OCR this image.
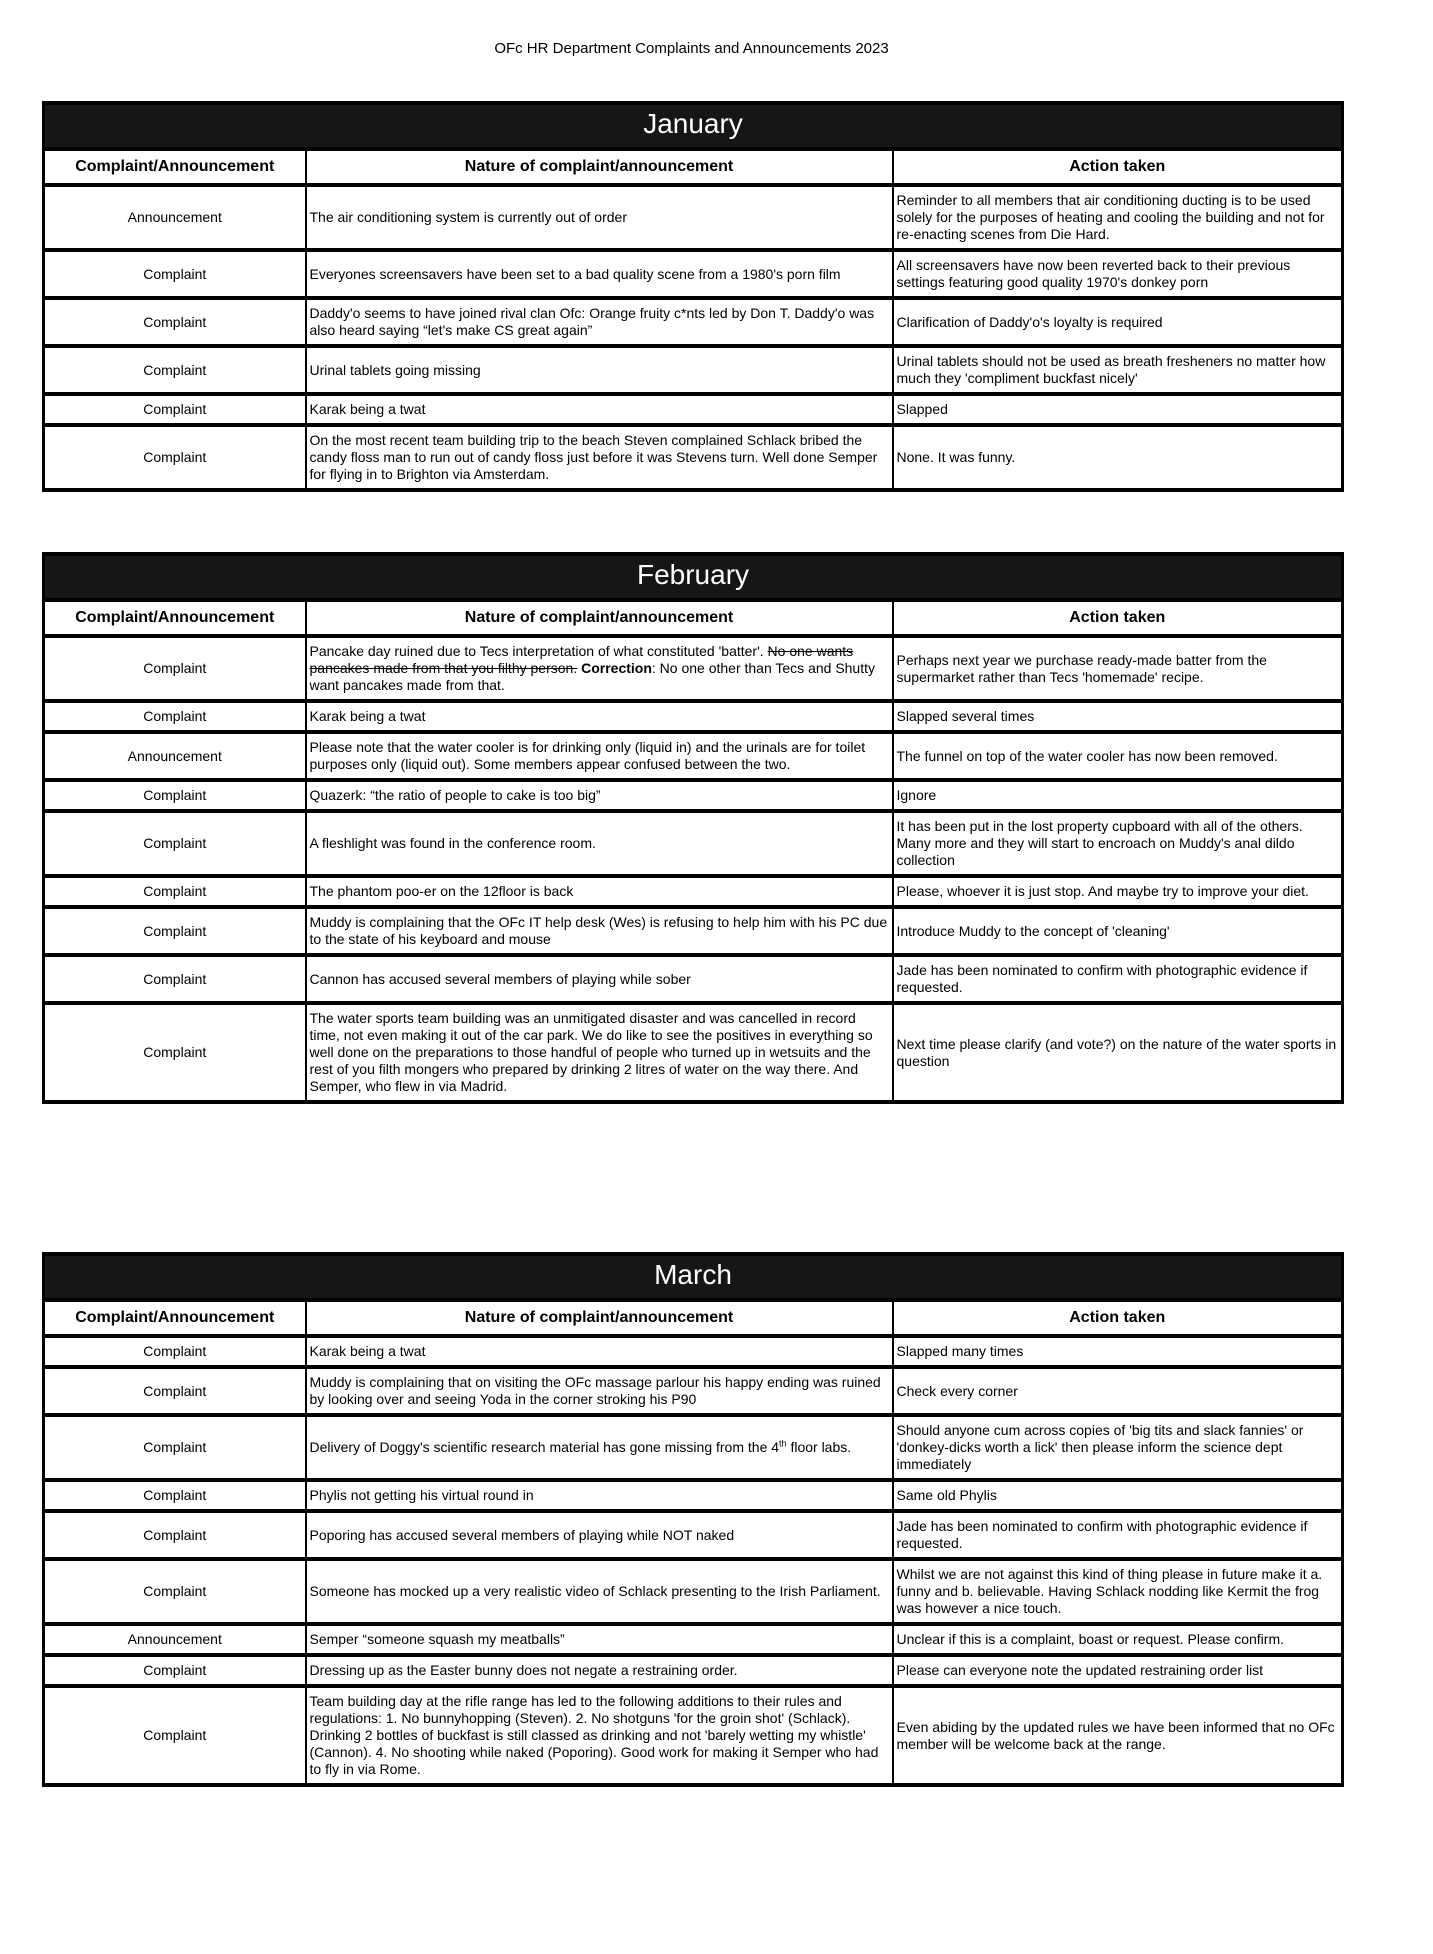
OFc HR Department Complaints and Announcements 2023
January		
Complaint/Announcement	Nature of complaint/announcement	Action taken
Announcement	The air conditioning system is currently out of order	Reminder to all members that air conditioning ducting is to be used solely for the purposes of heating and cooling the building and not for re-enacting scenes from Die Hard.
Complaint	Everyones screensavers have been set to a bad quality scene from a 1980's porn film	All screensavers have now been reverted back to their previous settings featuring good quality 1970's donkey porn
Complaint	Daddy'o seems to have joined rival clan Ofc: Orange fruity c*nts led by Don T. Daddy'o was also heard saying “let's make CS great again”	Clarification of Daddy'o's loyalty is required
Complaint	Urinal tablets going missing	Urinal tablets should not be used as breath fresheners no matter how much they 'compliment buckfast nicely'
Complaint	Karak being a twat	Slapped
Complaint	On the most recent team building trip to the beach Steven complained Schlack bribed the candy floss man to run out of candy floss just before it was Stevens turn. Well done Semper for flying in to Brighton via Amsterdam.	None. It was funny.
February		
Complaint/Announcement	Nature of complaint/announcement	Action taken
Complaint	Pancake day ruined due to Tecs interpretation of what constituted 'batter'. No one wants pancakes made from that you filthy person. Correction: No one other than Tecs and Shutty want pancakes made from that.	Perhaps next year we purchase ready-made batter from the supermarket rather than Tecs 'homemade' recipe.
Complaint	Karak being a twat	Slapped several times
Announcement	Please note that the water cooler is for drinking only (liquid in) and the urinals are for toilet purposes only (liquid out). Some members appear confused between the two.	The funnel on top of the water cooler has now been removed.
Complaint	Quazerk: “the ratio of people to cake is too big”	Ignore
Complaint	A fleshlight was found in the conference room.	It has been put in the lost property cupboard with all of the others. Many more and they will start to encroach on Muddy's anal dildo collection
Complaint	The phantom poo-er on the 12floor is back	Please, whoever it is just stop. And maybe try to improve your diet.
Complaint	Muddy is complaining that the OFc IT help desk (Wes) is refusing to help him with his PC due to the state of his keyboard and mouse	Introduce Muddy to the concept of 'cleaning'
Complaint	Cannon has accused several members of playing while sober	Jade has been nominated to confirm with photographic evidence if requested.
Complaint	The water sports team building was an unmitigated disaster and was cancelled in record time, not even making it out of the car park. We do like to see the positives in everything so well done on the preparations to those handful of people who turned up in wetsuits and the rest of you filth mongers who prepared by drinking 2 litres of water on the way there. And Semper, who flew in via Madrid.	Next time please clarify (and vote?) on the nature of the water sports in question
March		
Complaint/Announcement	Nature of complaint/announcement	Action taken
Complaint	Karak being a twat	Slapped many times
Complaint	Muddy is complaining that on visiting the OFc massage parlour his happy ending was ruined by looking over and seeing Yoda in the corner stroking his P90	Check every corner
Complaint	Delivery of Doggy's scientific research material has gone missing from the 4th floor labs.	Should anyone cum across copies of 'big tits and slack fannies' or 'donkey-dicks worth a lick' then please inform the science dept immediately
Complaint	Phylis not getting his virtual round in	Same old Phylis
Complaint	Poporing has accused several members of playing while NOT naked	Jade has been nominated to confirm with photographic evidence if requested.
Complaint	Someone has mocked up a very realistic video of Schlack presenting to the Irish Parliament.	Whilst we are not against this kind of thing please in future make it a. funny and b. believable. Having Schlack nodding like Kermit the frog was however a nice touch.
Announcement	Semper “someone squash my meatballs”	Unclear if this is a complaint, boast or request. Please confirm.
Complaint	Dressing up as the Easter bunny does not negate a restraining order.	Please can everyone note the updated restraining order list
Complaint	Team building day at the rifle range has led to the following additions to their rules and regulations: 1. No bunnyhopping (Steven). 2. No shotguns 'for the groin shot' (Schlack). Drinking 2 bottles of buckfast is still classed as drinking and not 'barely wetting my whistle' (Cannon). 4. No shooting while naked (Poporing). Good work for making it Semper who had to fly in via Rome.	Even abiding by the updated rules we have been informed that no OFc member will be welcome back at the range.
